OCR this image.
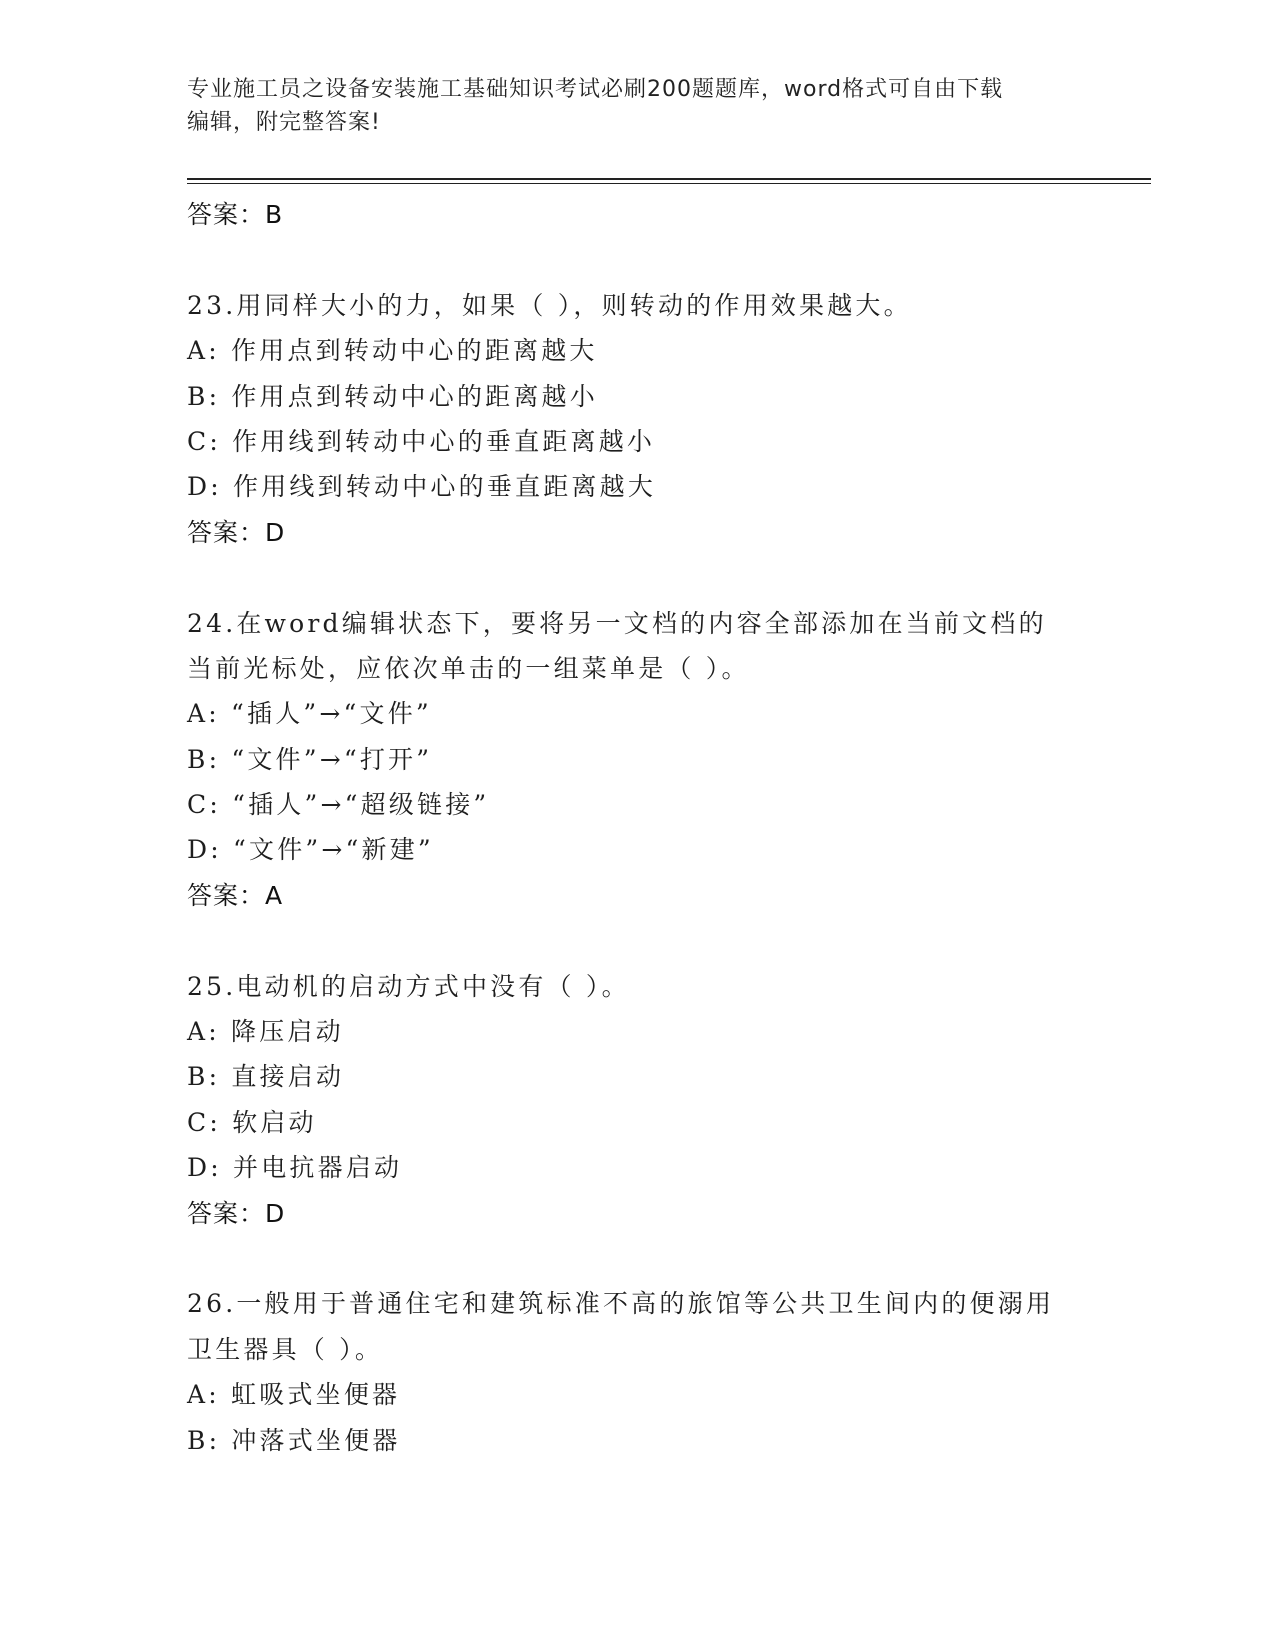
专业施工员之设备安装施工基础知识考试必刷200题题库，word格式可自由下载
编辑，附完整答案!
答案：B
23.用同样大小的力，如果（ ），则转动的作用效果越大。
A: 作用点到转动中心的距离越大
B: 作用点到转动中心的距离越小
C: 作用线到转动中心的垂直距离越小
D: 作用线到转动中心的垂直距离越大
答案：D
24.在word编辑状态下，要将另一文档的内容全部添加在当前文档的
当前光标处，应依次单击的一组菜单是（ ）。
A: “插人”→“文件”
B: “文件”→“打开”
C: “插人”→“超级链接”
D: “文件”→“新建”
答案：A
25.电动机的启动方式中没有（ ）。
A: 降压启动
B: 直接启动
C: 软启动
D: 并电抗器启动
答案：D
26.一般用于普通住宅和建筑标准不高的旅馆等公共卫生间内的便溺用
卫生器具（ ）。
A: 虹吸式坐便器
B: 冲落式坐便器
